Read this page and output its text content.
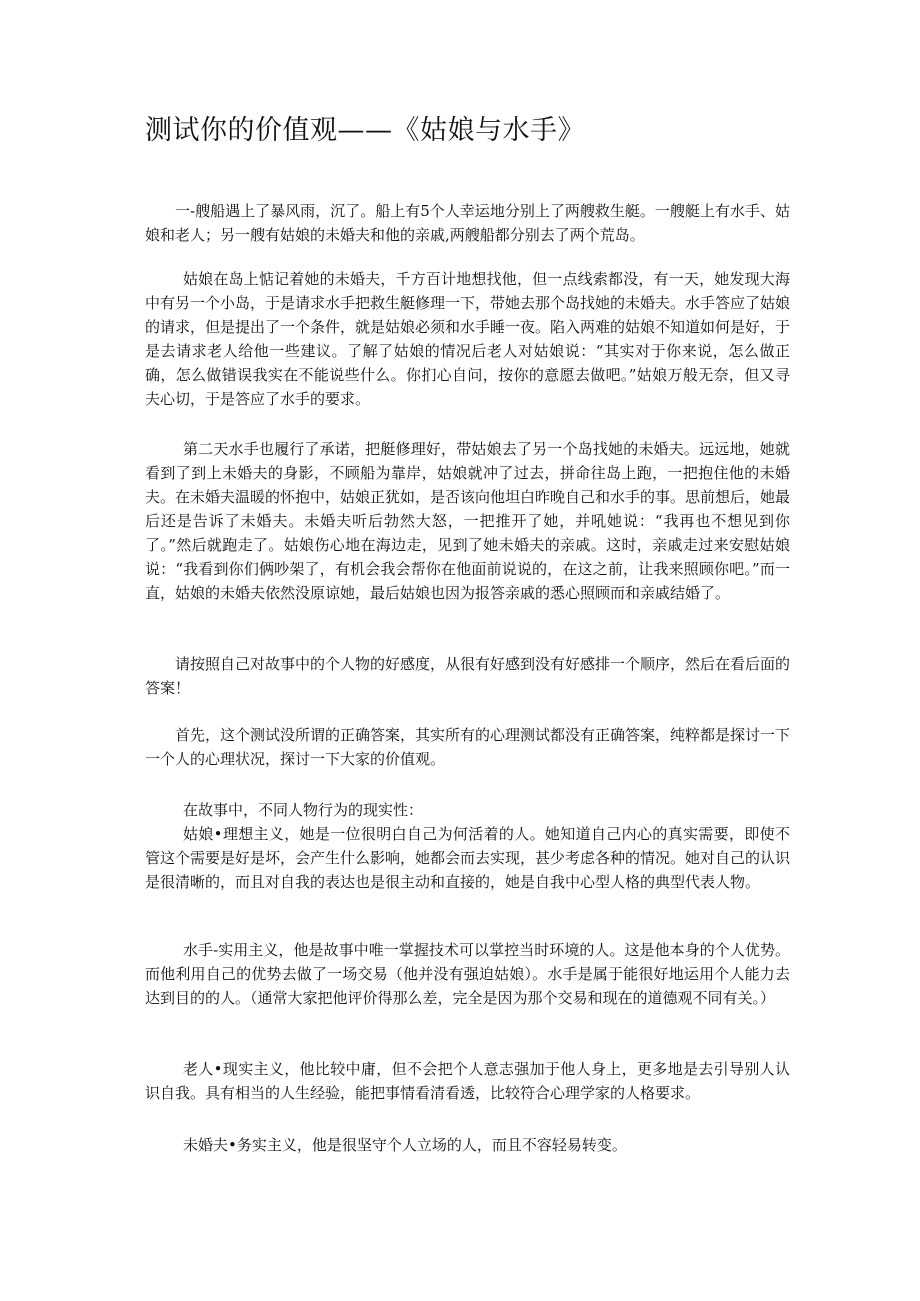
测试你的价值观——《姑娘与水手》

一-艘船遇上了暴风雨，沉了。船上有5个人幸运地分别上了两艘救生艇。一艘艇上有水手、姑娘和老人；另一艘有姑娘的未婚夫和他的亲戚,两艘船都分别去了两个荒岛。

姑娘在岛上惦记着她的未婚夫，千方百计地想找他，但一点线索都没，有一天，她发现大海中有另一个小岛，于是请求水手把救生艇修理一下，带她去那个岛找她的未婚夫。水手答应了姑娘的请求，但是提出了一个条件，就是姑娘必须和水手睡一夜。陷入两难的姑娘不知道如何是好，于是去请求老人给他一些建议。了解了姑娘的情况后老人对姑娘说：“其实对于你来说，怎么做正确，怎么做错误我实在不能说些什么。你扪心自问，按你的意愿去做吧。”姑娘万般无奈，但又寻夫心切，于是答应了水手的要求。

第二天水手也履行了承诺，把艇修理好，带姑娘去了另一个岛找她的未婚夫。远远地，她就看到了到上未婚夫的身影，不顾船为靠岸，姑娘就冲了过去，拼命往岛上跑，一把抱住他的未婚夫。在未婚夫温暖的怀抱中，姑娘正犹如，是否该向他坦白昨晚自己和水手的事。思前想后，她最后还是告诉了未婚夫。未婚夫听后勃然大怒，一把推开了她，并吼她说：“我再也不想见到你了。”然后就跑走了。姑娘伤心地在海边走，见到了她未婚夫的亲戚。这时，亲戚走过来安慰姑娘说：“我看到你们俩吵架了，有机会我会帮你在他面前说说的，在这之前，让我来照顾你吧。”而一直，姑娘的未婚夫依然没原谅她，最后姑娘也因为报答亲戚的悉心照顾而和亲戚结婚了。

请按照自己对故事中的个人物的好感度，从很有好感到没有好感排一个顺序，然后在看后面的答案！

首先，这个测试没所谓的正确答案，其实所有的心理测试都没有正确答案，纯粹都是探讨一下一个人的心理状况，探讨一下大家的价值观。

在故事中，不同人物行为的现实性：

姑娘•理想主义，她是一位很明白自己为何活着的人。她知道自己内心的真实需要，即使不管这个需要是好是坏，会产生什么影响，她都会而去实现，甚少考虑各种的情况。她对自己的认识是很清晰的，而且对自我的表达也是很主动和直接的，她是自我中心型人格的典型代表人物。

水手-实用主义，他是故事中唯一掌握技术可以掌控当时环境的人。这是他本身的个人优势。而他利用自己的优势去做了一场交易（他并没有强迫姑娘）。水手是属于能很好地运用个人能力去达到目的的人。（通常大家把他评价得那么差，完全是因为那个交易和现在的道德观不同有关。）

老人•现实主义，他比较中庸，但不会把个人意志强加于他人身上，更多地是去引导别人认识自我。具有相当的人生经验，能把事情看清看透，比较符合心理学家的人格要求。

未婚夫•务实主义，他是很坚守个人立场的人，而且不容轻易转变。
